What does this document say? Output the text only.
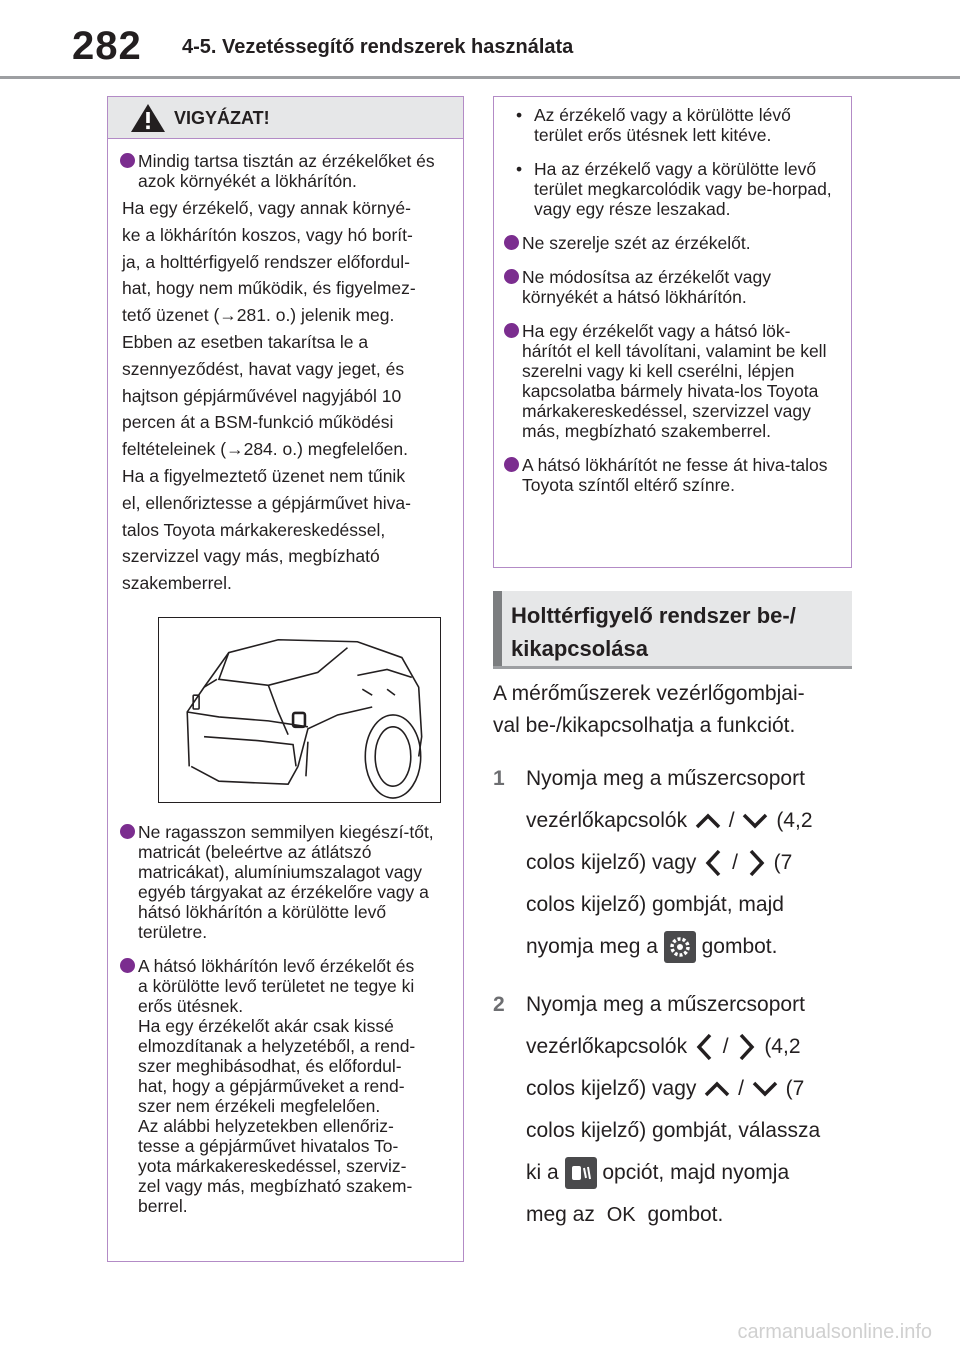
282 4-5. Vezetéssegítő rendszerek használata
VIGYÁZAT!
Mindig tartsa tisztán az érzékelőket és azok környékét a lökhárítón.
Ha egy érzékelő, vagy annak környé-
ke a lökhárítón koszos, vagy hó borít-
ja, a holttérfigyelő rendszer előfordul-
hat, hogy nem működik, és figyelmez-
tető üzenet (→281. o.) jelenik meg.
Ebben az esetben takarítsa le a
szennyeződést, havat vagy jeget, és
hajtson gépjárművével nagyjából 10
percen át a BSM-funkció működési
feltételeinek (→284. o.) megfelelően.
Ha a figyelmeztető üzenet nem tűnik
el, ellenőriztesse a gépjárművet hiva-
talos Toyota márkakereskedéssel,
szervizzel vagy más, megbízható
szakemberrel.
Ne ragasszon semmilyen kiegészí-tőt, matricát (beleértve az átlátszó matricákat), alumíniumszalagot vagy egyéb tárgyakat az érzékelőre vagy a hátsó lökhárítón a körülötte levő területre.
A hátsó lökhárítón levő érzékelőt és
a körülötte levő területet ne tegye ki
erős ütésnek.
Ha egy érzékelőt akár csak kissé
elmozdítanak a helyzetéből, a rend-
szer meghibásodhat, és előfordul-
hat, hogy a gépjárműveket a rend-
szer nem érzékeli megfelelően.
Az alábbi helyzetekben ellenőriz-
tesse a gépjárművet hivatalos To-
yota márkakereskedéssel, szerviz-
zel vagy más, megbízható szakem-
berrel.
• Az érzékelő vagy a körülötte lévő terület erős ütésnek lett kitéve.
• Ha az érzékelő vagy a körülötte levő terület megkarcolódik vagy be-horpad, vagy egy része leszakad.
Ne szerelje szét az érzékelőt.
Ne módosítsa az érzékelőt vagy környékét a hátsó lökhárítón.
Ha egy érzékelőt vagy a hátsó lök-hárítót el kell távolítani, valamint be kell szerelni vagy ki kell cserélni, lépjen kapcsolatba bármely hivata-los Toyota márkakereskedéssel, szervizzel vagy más, megbízható szakemberrel.
A hátsó lökhárítót ne fesse át hiva-talos Toyota színtől eltérő színre.
Holttérfigyelő rendszer be-/
kikapcsolása
A mérőműszerek vezérlőgombjai-
val be-/kikapcsolhatja a funkciót.
1 Nyomja meg a műszercsoport
vezérlőkapcsolók / (4,2
colos kijelző) vagy / (7
colos kijelző) gombját, majd
nyomja meg a gombot.
2 Nyomja meg a műszercsoport
vezérlőkapcsolók / (4,2
colos kijelző) vagy / (7
colos kijelző) gombját, válassza
ki a opciót, majd nyomja
meg az OK gombot.
carmanualsonline.info
